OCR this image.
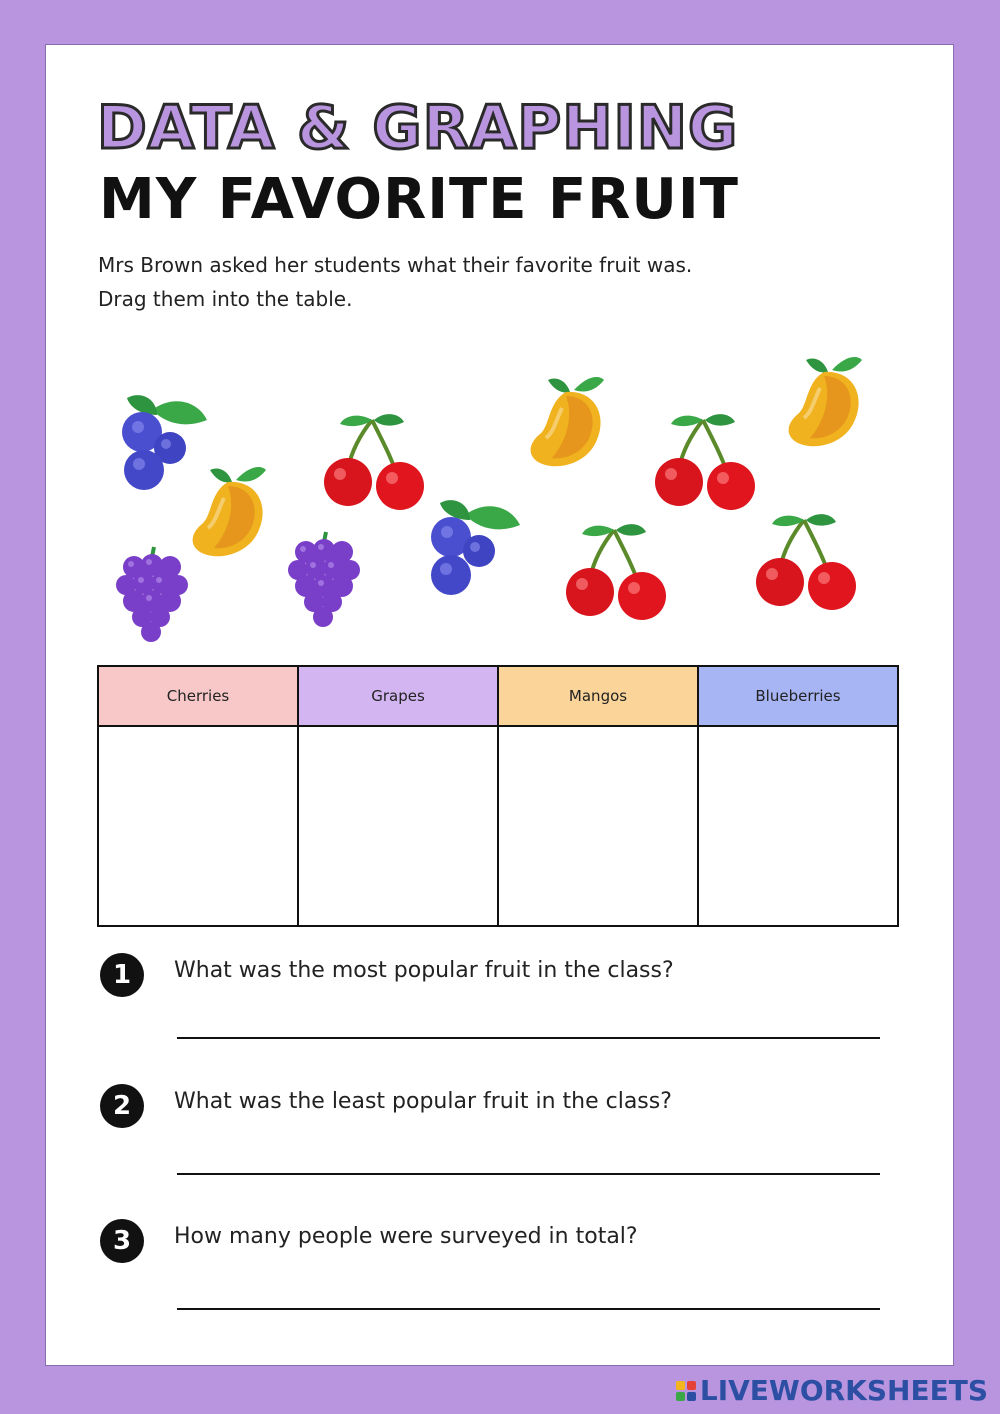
DATA & GRAPHING
MY FAVORITE FRUIT
Mrs Brown asked her students what their favorite fruit was. Drag them into the table.
Cherries	Grapes	Mangos	Blueberries

1	What was the most popular fruit in the class?
2	What was the least popular fruit in the class?
3	How many people were surveyed in total?
LIVEWORKSHEETS
